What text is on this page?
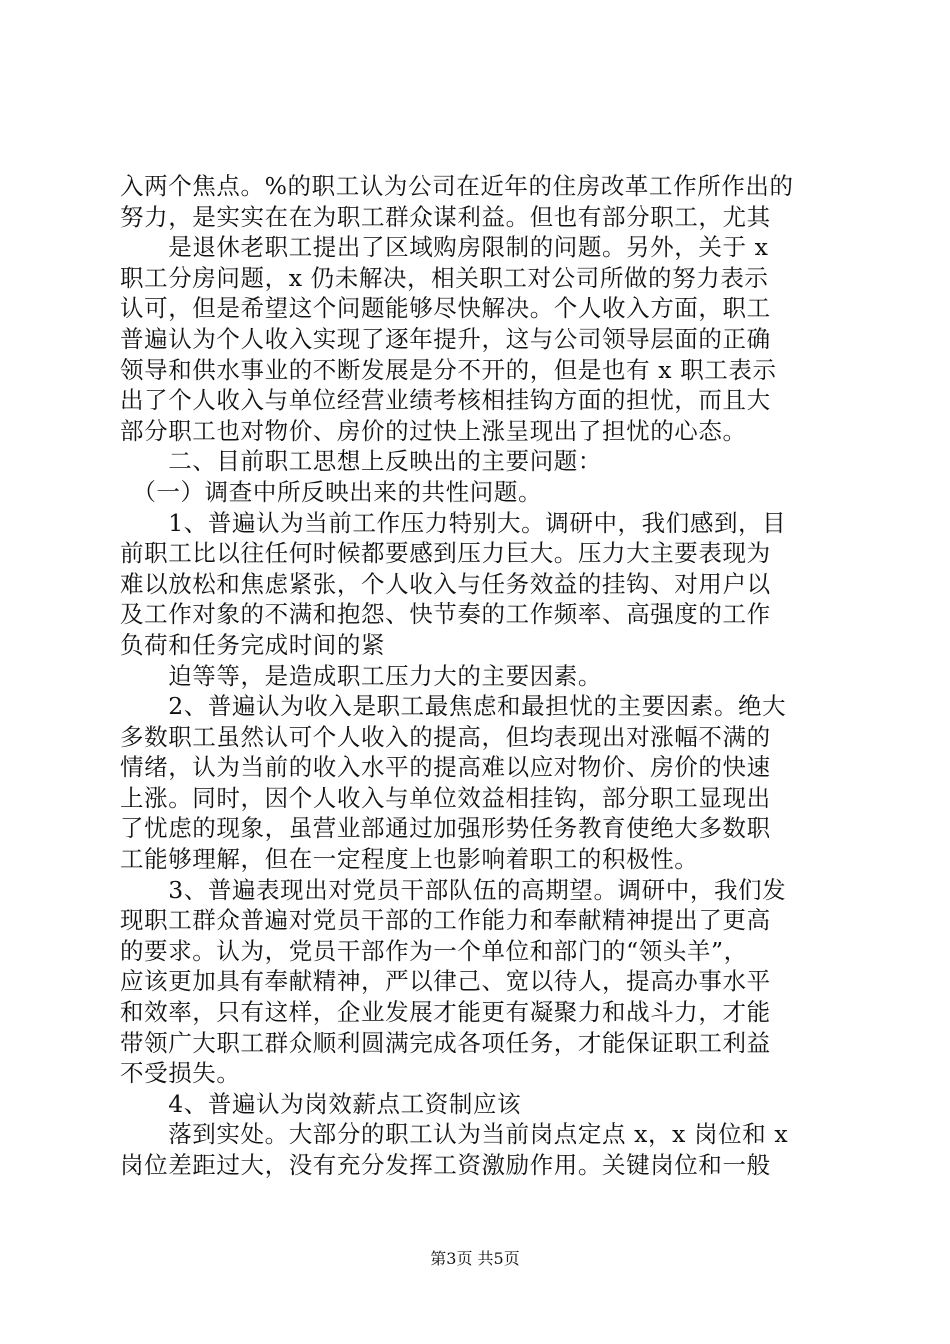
入两个焦点。%的职工认为公司在近年的住房改革工作所作出的
努力，是实实在在为职工群众谋利益。但也有部分职工，尤其
　　是退休老职工提出了区域购房限制的问题。另外，关于 x
职工分房问题，x 仍未解决，相关职工对公司所做的努力表示
认可，但是希望这个问题能够尽快解决。个人收入方面，职工
普遍认为个人收入实现了逐年提升，这与公司领导层面的正确
领导和供水事业的不断发展是分不开的，但是也有 x 职工表示
出了个人收入与单位经营业绩考核相挂钩方面的担忧，而且大
部分职工也对物价、房价的过快上涨呈现出了担忧的心态。
　　二、目前职工思想上反映出的主要问题：
　（一）调查中所反映出来的共性问题。
　　1、普遍认为当前工作压力特别大。调研中，我们感到，目
前职工比以往任何时候都要感到压力巨大。压力大主要表现为
难以放松和焦虑紧张，个人收入与任务效益的挂钩、对用户以
及工作对象的不满和抱怨、快节奏的工作频率、高强度的工作
负荷和任务完成时间的紧
　　迫等等，是造成职工压力大的主要因素。
　　2、普遍认为收入是职工最焦虑和最担忧的主要因素。绝大
多数职工虽然认可个人收入的提高，但均表现出对涨幅不满的
情绪，认为当前的收入水平的提高难以应对物价、房价的快速
上涨。同时，因个人收入与单位效益相挂钩，部分职工显现出
了忧虑的现象，虽营业部通过加强形势任务教育使绝大多数职
工能够理解，但在一定程度上也影响着职工的积极性。
　　3、普遍表现出对党员干部队伍的高期望。调研中，我们发
现职工群众普遍对党员干部的工作能力和奉献精神提出了更高
的要求。认为，党员干部作为一个单位和部门的“领头羊”，
应该更加具有奉献精神，严以律己、宽以待人，提高办事水平
和效率，只有这样，企业发展才能更有凝聚力和战斗力，才能
带领广大职工群众顺利圆满完成各项任务，才能保证职工利益
不受损失。
　　4、普遍认为岗效薪点工资制应该
　　落到实处。大部分的职工认为当前岗点定点 x，x 岗位和 x
岗位差距过大，没有充分发挥工资激励作用。关键岗位和一般
第3页 共5页
